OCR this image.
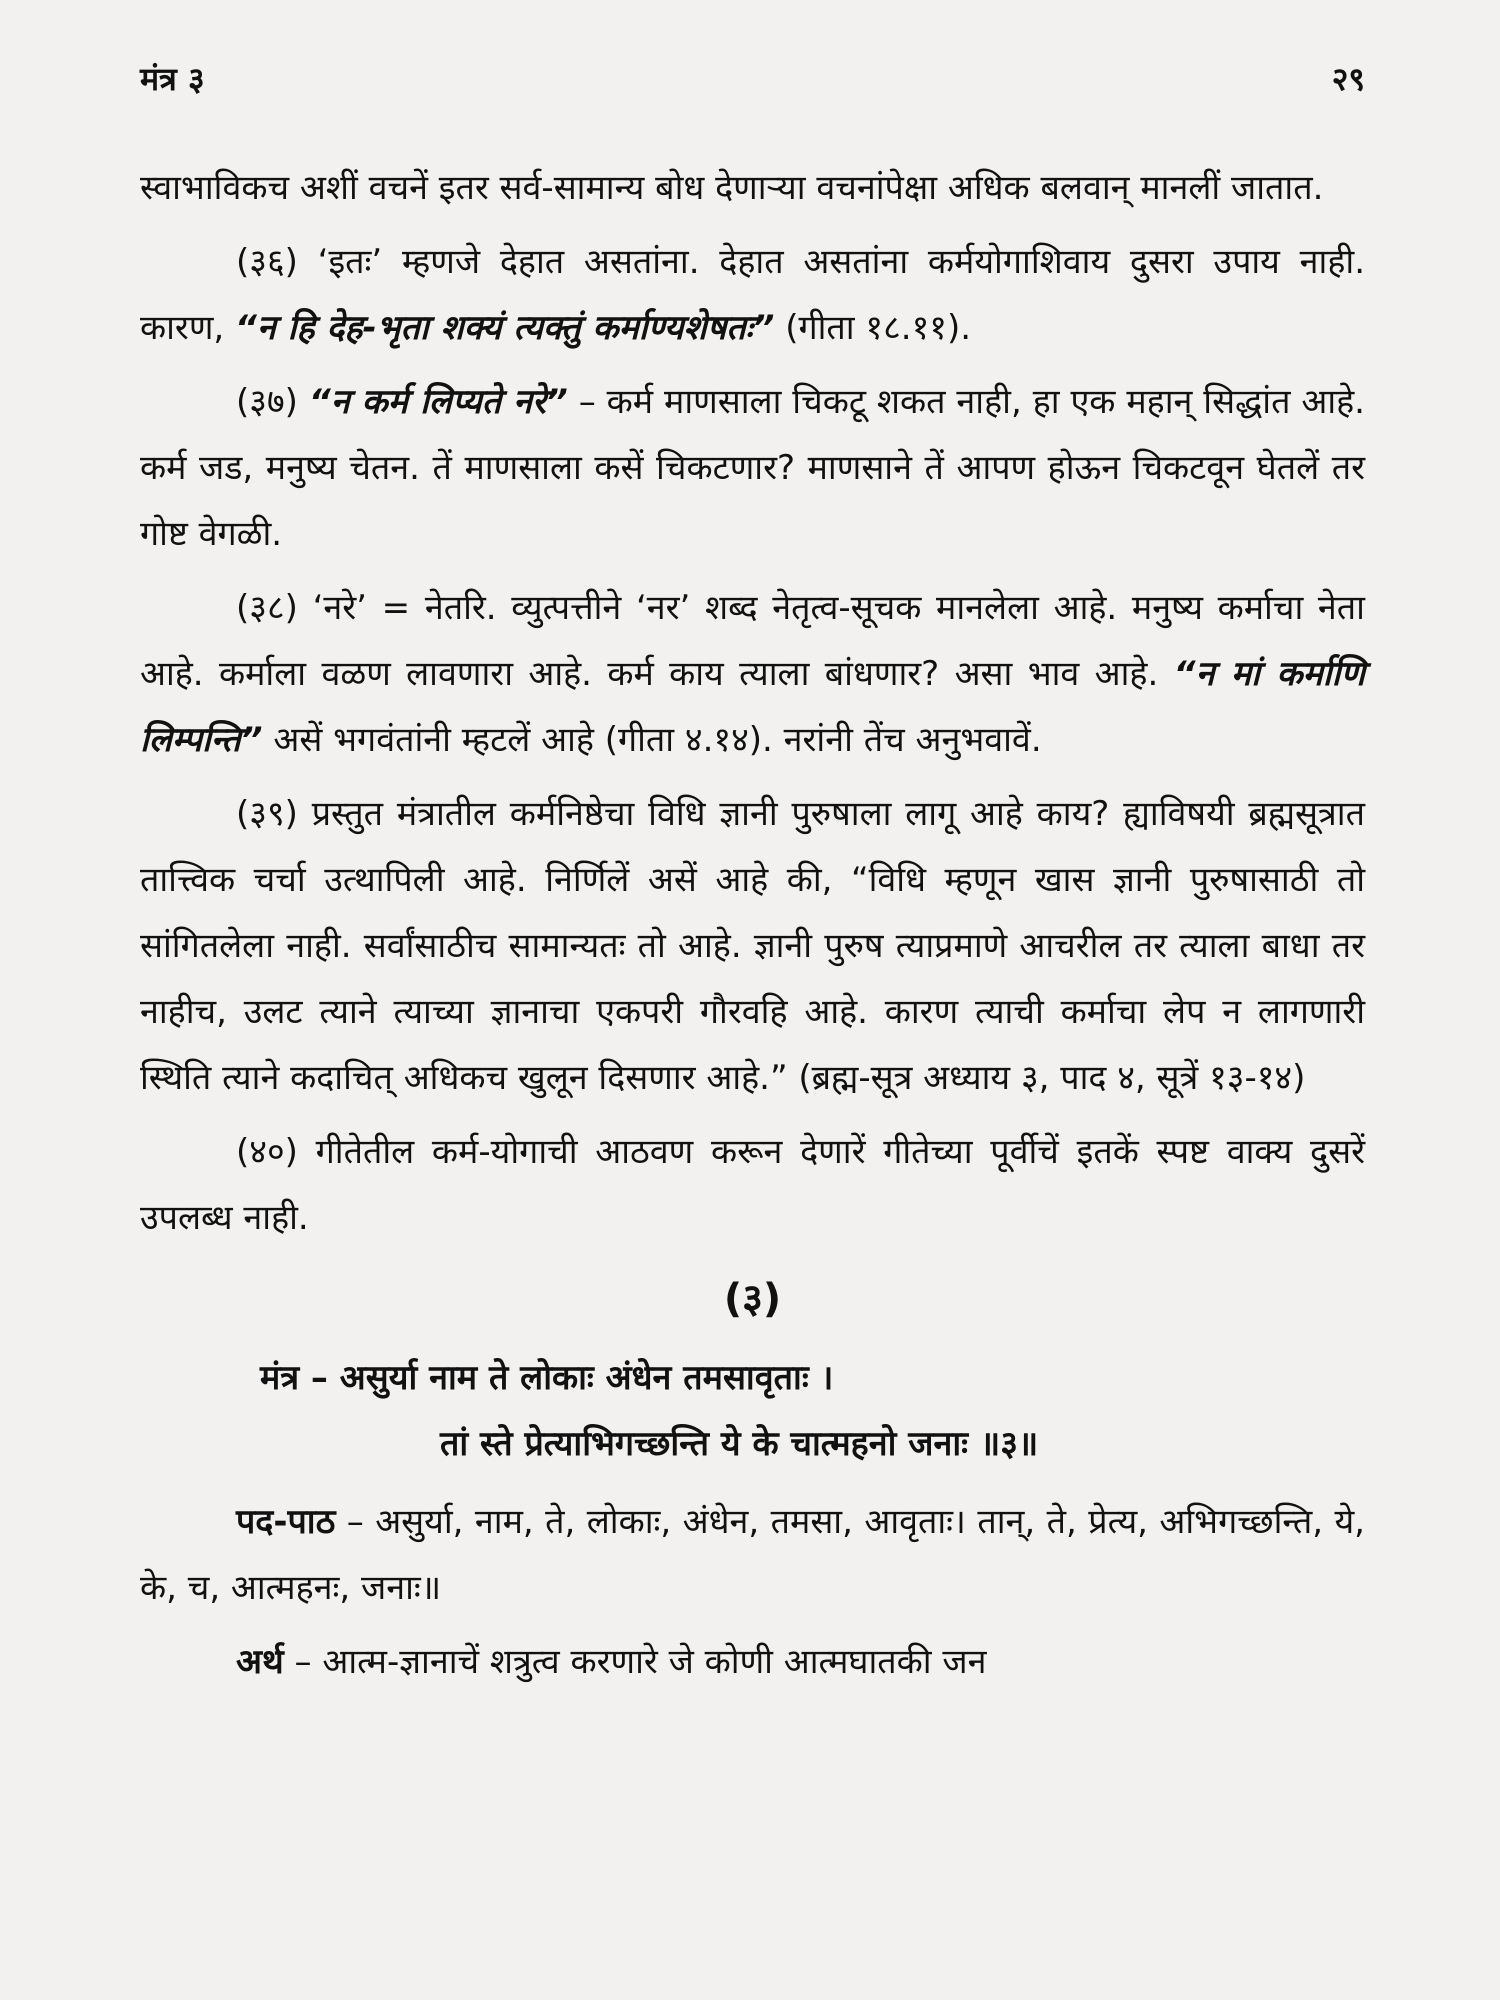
मंत्र ३	२९

स्वाभाविकच अशीं वचनें इतर सर्व-सामान्य बोध देणाऱ्या वचनांपेक्षा अधिक बलवान् मानलीं जातात.

(३६) ‘इतः’ म्हणजे देहात असतांना. देहात असतांना कर्मयोगाशिवाय दुसरा उपाय नाही. कारण, “न हि देह-भृता शक्यं त्यक्तुं कर्माण्यशेषतः” (गीता १८.११).

(३७) “न कर्म लिप्यते नरे” – कर्म माणसाला चिकटू शकत नाही, हा एक महान् सिद्धांत आहे. कर्म जड, मनुष्य चेतन. तें माणसाला कसें चिकटणार? माणसाने तें आपण होऊन चिकटवून घेतलें तर गोष्ट वेगळी.

(३८) ‘नरे’ = नेतरि. व्युत्पत्तीने ‘नर’ शब्द नेतृत्व-सूचक मानलेला आहे. मनुष्य कर्माचा नेता आहे. कर्माला वळण लावणारा आहे. कर्म काय त्याला बांधणार? असा भाव आहे. “न मां कर्माणि लिम्पन्ति” असें भगवंतांनी म्हटलें आहे (गीता ४.१४). नरांनी तेंच अनुभवावें.

(३९) प्रस्तुत मंत्रातील कर्मनिष्ठेचा विधि ज्ञानी पुरुषाला लागू आहे काय? ह्याविषयी ब्रह्मसूत्रात तात्त्विक चर्चा उत्थापिली आहे. निर्णिलें असें आहे की, “विधि म्हणून खास ज्ञानी पुरुषासाठी तो सांगितलेला नाही. सर्वांसाठीच सामान्यतः तो आहे. ज्ञानी पुरुष त्याप्रमाणे आचरील तर त्याला बाधा तर नाहीच, उलट त्याने त्याच्या ज्ञानाचा एकपरी गौरवहि आहे. कारण त्याची कर्माचा लेप न लागणारी स्थिति त्याने कदाचित् अधिकच खुलून दिसणार आहे.” (ब्रह्म-सूत्र अध्याय ३, पाद ४, सूत्रें १३-१४)

(४०) गीतेतील कर्म-योगाची आठवण करून देणारें गीतेच्या पूर्वीचें इतकें स्पष्ट वाक्य दुसरें उपलब्ध नाही.

(३)
मंत्र – असुर्या नाम ते लोकाः अंधेन तमसावृताः ।
तां स्ते प्रेत्याभिगच्छन्ति ये के चात्महनो जनाः ॥३॥

पद-पाठ – असुर्या, नाम, ते, लोकाः, अंधेन, तमसा, आवृताः। तान्, ते, प्रेत्य, अभिगच्छन्ति, ये, के, च, आत्महनः, जनाः॥

अर्थ – आत्म-ज्ञानाचें शत्रुत्व करणारे जे कोणी आत्मघातकी जन
